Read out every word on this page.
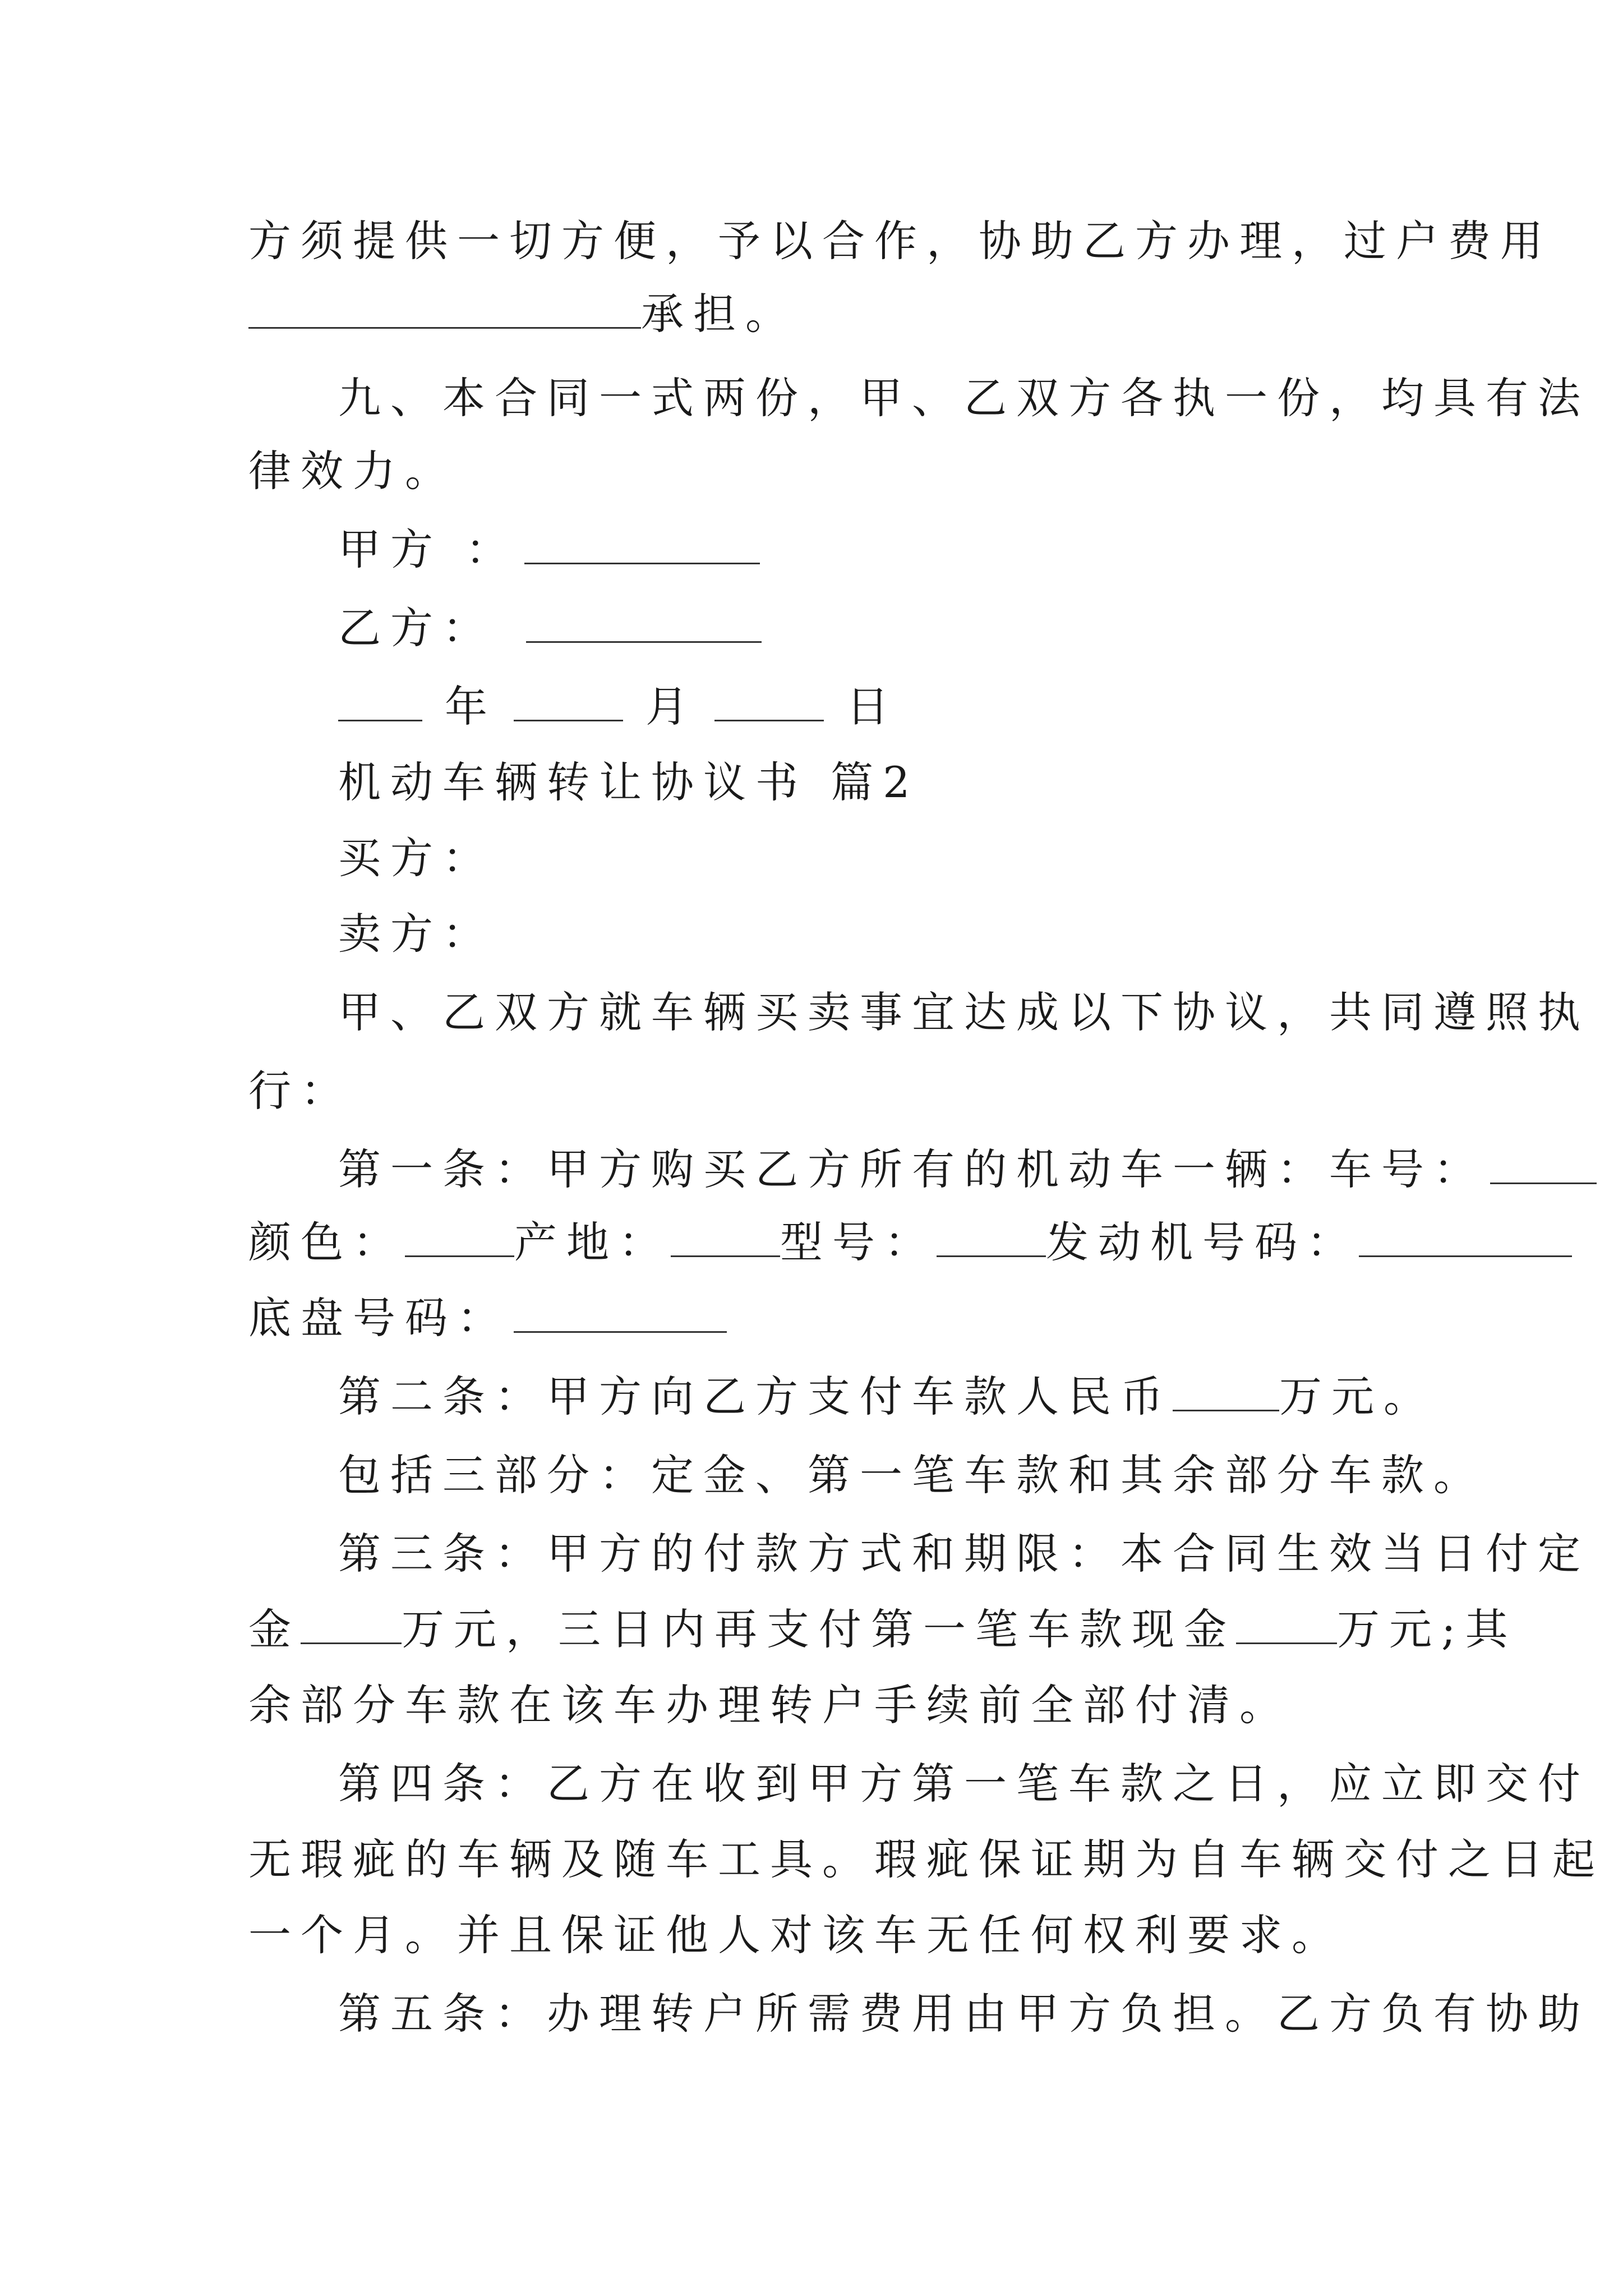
方须提供一切方便，予以合作，协助乙方办理，过户费用
承担。
九、本合同一式两份，甲、乙双方各执一份，均具有法
律效力。
甲方 ：
乙方：
年	月	日
机动车辆转让协议书 篇2
买方：
卖方：
甲、乙双方就车辆买卖事宜达成以下协议，共同遵照执
行：
第一条：甲方购买乙方所有的机动车一辆：车号：
颜色：	产地：	型号：	发动机号码：
底盘号码：
第二条：甲方向乙方支付车款人民币	万元。
包括三部分：定金、第一笔车款和其余部分车款。
第三条：甲方的付款方式和期限：本合同生效当日付定
金 万元，三日内再支付第一笔车款现金 万元;其
余部分车款在该车办理转户手续前全部付清。
第四条：乙方在收到甲方第一笔车款之日，应立即交付
无瑕疵的车辆及随车工具。瑕疵保证期为自车辆交付之日起
一个月。并且保证他人对该车无任何权利要求。
第五条：办理转户所需费用由甲方负担。乙方负有协助
